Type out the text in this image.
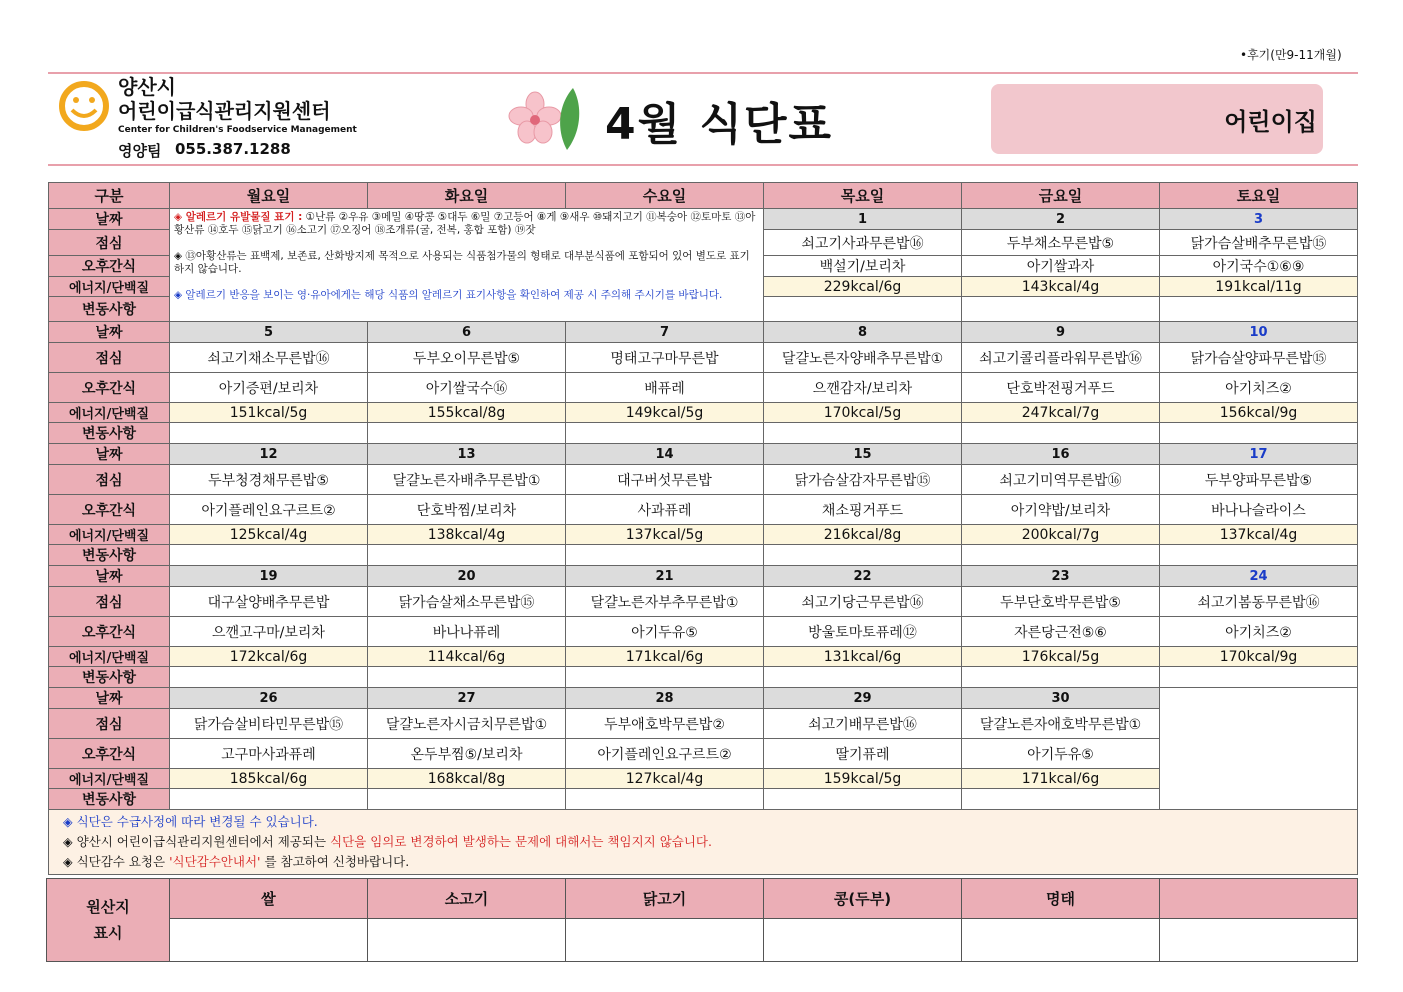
•후기(만9-11개월)
양산시
어린이급식관리지원센터
Center for Children's Foodservice Management
영양팀 055.387.1288	4월 식단표	어린이집
구분	월요일	화요일	수요일	목요일	금요일	토요일
날짜	◈ 알레르기 유발물질 표기 : ①난류 ②우유 ③메밀 ④땅콩 ⑤대두 ⑥밀 ⑦고등어 ⑧게 ⑨새우 ⑩돼지고기 ⑪복숭아 ⑫토마토 ⑬아황산류 ⑭호두 ⑮닭고기 ⑯소고기 ⑰오징어 ⑱조개류(굴, 전복, 홍합 포함) ⑲잣

◈ ⑬아황산류는 표백제, 보존료, 산화방지제 목적으로 사용되는 식품첨가물의 형태로 대부분식품에 포함되어 있어 별도로 표기하지 않습니다.

◈ 알레르기 반응을 보이는 영·유아에게는 해당 식품의 알레르기 표기사항을 확인하여 제공 시 주의해 주시기를 바랍니다.			1	2	3
점심				쇠고기사과무른밥⑯	두부채소무른밥⑤	닭가슴살배추무른밥⑮
오후간식				백설기/보리차	아기쌀과자	아기국수①⑥⑨
에너지/단백질				229kcal/6g	143kcal/4g	191kcal/11g
변동사항						
날짜	5	6	7	8	9	10
점심	쇠고기채소무른밥⑯	두부오이무른밥⑤	명태고구마무른밥	달걀노른자양배추무른밥①	쇠고기콜리플라워무른밥⑯	닭가슴살양파무른밥⑮
오후간식	아기증편/보리차	아기쌀국수⑯	배퓨레	으깬감자/보리차	단호박전핑거푸드	아기치즈②
에너지/단백질	151kcal/5g	155kcal/8g	149kcal/5g	170kcal/5g	247kcal/7g	156kcal/9g
변동사항						
날짜	12	13	14	15	16	17
점심	두부청경채무른밥⑤	달걀노른자배추무른밥①	대구버섯무른밥	닭가슴살감자무른밥⑮	쇠고기미역무른밥⑯	두부양파무른밥⑤
오후간식	아기플레인요구르트②	단호박찜/보리차	사과퓨레	채소핑거푸드	아기약밥/보리차	바나나슬라이스
에너지/단백질	125kcal/4g	138kcal/4g	137kcal/5g	216kcal/8g	200kcal/7g	137kcal/4g
변동사항						
날짜	19	20	21	22	23	24
점심	대구살양배추무른밥	닭가슴살채소무른밥⑮	달걀노른자부추무른밥①	쇠고기당근무른밥⑯	두부단호박무른밥⑤	쇠고기봄동무른밥⑯
오후간식	으깬고구마/보리차	바나나퓨레	아기두유⑤	방울토마토퓨레⑫	자른당근전⑤⑥	아기치즈②
에너지/단백질	172kcal/6g	114kcal/6g	171kcal/6g	131kcal/6g	176kcal/5g	170kcal/9g
변동사항						
날짜	26	27	28	29	30	
점심	닭가슴살비타민무른밥⑮	달걀노른자시금치무른밥①	두부애호박무른밥②	쇠고기배무른밥⑯	달걀노른자애호박무른밥①	
오후간식	고구마사과퓨레	온두부찜⑤/보리차	아기플레인요구르트②	딸기퓨레	아기두유⑤	
에너지/단백질	185kcal/6g	168kcal/8g	127kcal/4g	159kcal/5g	171kcal/6g	
변동사항						
◈ 식단은 수급사정에 따라 변경될 수 있습니다.
◈ 양산시 어린이급식관리지원센터에서 제공되는 식단을 임의로 변경하여 발생하는 문제에 대해서는 책임지지 않습니다.
◈ 식단감수 요청은 '식단감수안내서' 를 참고하여 신청바랍니다.						
원산지
표시	쌀	소고기	닭고기	콩(두부)	명태	
